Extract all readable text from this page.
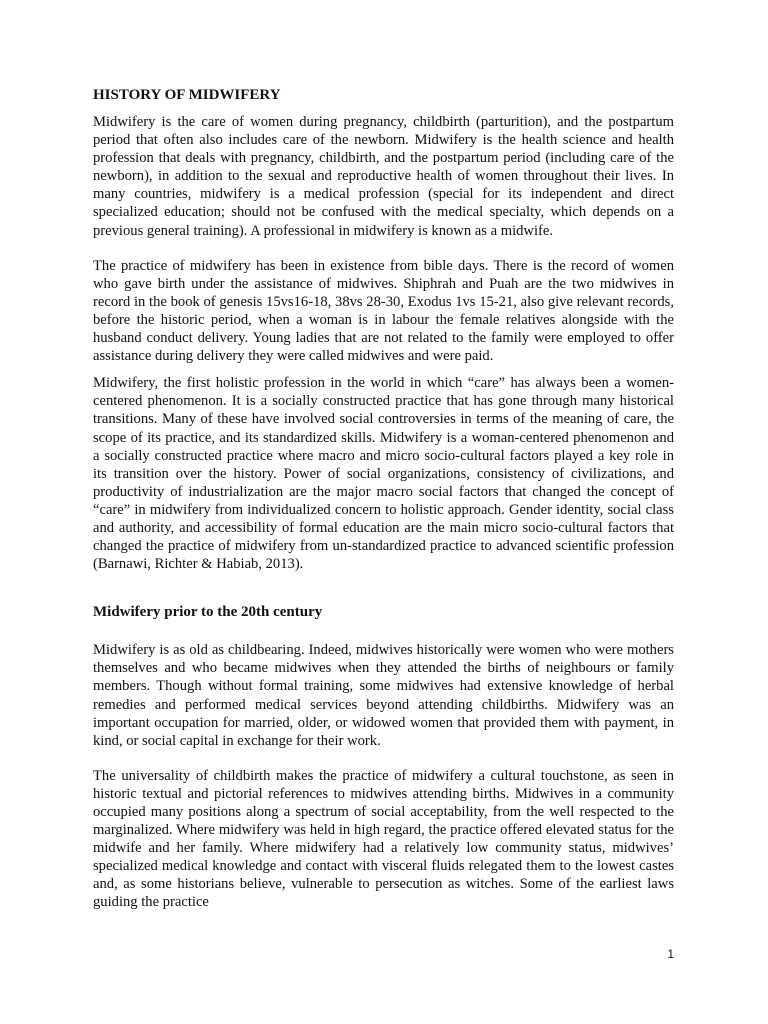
HISTORY OF MIDWIFERY

Midwifery is the care of women during pregnancy, childbirth (parturition), and the postpartum period that often also includes care of the newborn. Midwifery is the health science and health profession that deals with pregnancy, childbirth, and the postpartum period (including care of the newborn), in addition to the sexual and reproductive health of women throughout their lives. In many countries, midwifery is a medical profession (special for its independent and direct specialized education; should not be confused with the medical specialty, which depends on a previous general training). A professional in midwifery is known as a midwife.

The practice of midwifery has been in existence from bible days. There is the record of women who gave birth under the assistance of midwives. Shiphrah and Puah are the two midwives in record in the book of genesis 15vs16-18, 38vs 28-30, Exodus 1vs 15-21, also give relevant records, before the historic period, when a woman is in labour the female relatives alongside with the husband conduct delivery. Young ladies that are not related to the family were employed to offer assistance during delivery they were called midwives and were paid.

Midwifery, the first holistic profession in the world in which “care” has always been a women-centered phenomenon. It is a socially constructed practice that has gone through many historical transitions. Many of these have involved social controversies in terms of the meaning of care, the scope of its practice, and its standardized skills. Midwifery is a woman-centered phenomenon and a socially constructed practice where macro and micro socio-cultural factors played a key role in its transition over the history. Power of social organizations, consistency of civilizations, and productivity of industrialization are the major macro social factors that changed the concept of “care” in midwifery from individualized concern to holistic approach. Gender identity, social class and authority, and accessibility of formal education are the main micro socio-cultural factors that changed the practice of midwifery from un-standardized practice to advanced scientific profession (Barnawi, Richter & Habiab, 2013).

Midwifery prior to the 20th century

Midwifery is as old as childbearing. Indeed, midwives historically were women who were mothers themselves and who became midwives when they attended the births of neighbours or family members. Though without formal training, some midwives had extensive knowledge of herbal remedies and performed medical services beyond attending childbirths. Midwifery was an important occupation for married, older, or widowed women that provided them with payment, in kind, or social capital in exchange for their work.

The universality of childbirth makes the practice of midwifery a cultural touchstone, as seen in historic textual and pictorial references to midwives attending births. Midwives in a community occupied many positions along a spectrum of social acceptability, from the well respected to the marginalized. Where midwifery was held in high regard, the practice offered elevated status for the midwife and her family. Where midwifery had a relatively low community status, midwives’ specialized medical knowledge and contact with visceral fluids relegated them to the lowest castes and, as some historians believe, vulnerable to persecution as witches. Some of the earliest laws guiding the practice

1
